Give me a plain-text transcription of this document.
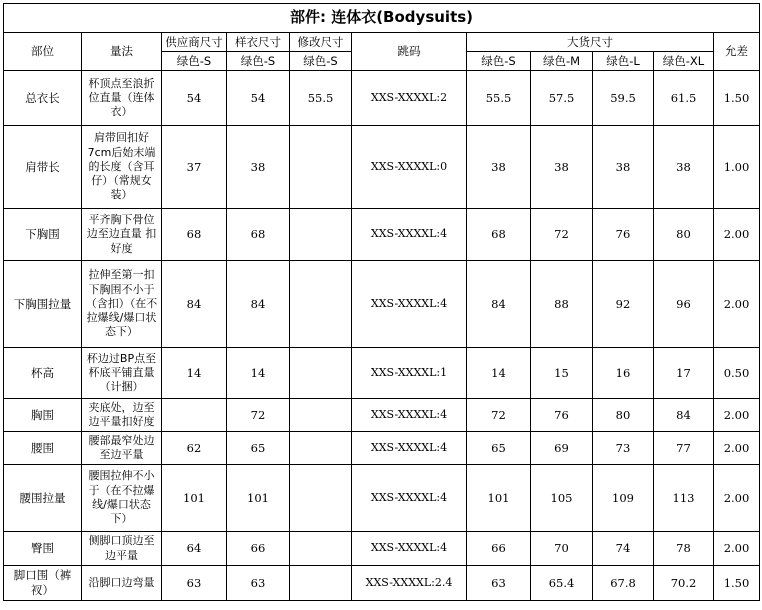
部件: 连体衣(Bodysuits)										
部位	量法	供应商尺寸	样衣尺寸	修改尺寸	跳码	大货尺寸				允差
		绿色-S	绿色-S	绿色-S		绿色-S	绿色-M	绿色-L	绿色-XL	
总衣长	杯顶点至浪折位直量（连体衣）	54	54	55.5	XXS-XXXXL:2	55.5	57.5	59.5	61.5	1.50
肩带长	肩带回扣好7cm后始末端的长度（含耳仔）（常规女装）	37	38		XXS-XXXXL:0	38	38	38	38	1.00
下胸围	平齐胸下骨位边至边直量 扣好度	68	68		XXS-XXXXL:4	68	72	76	80	2.00
下胸围拉量	拉伸至第一扣下胸围不小于（含扣）（在不拉爆线/爆口状态下）	84	84		XXS-XXXXL:4	84	88	92	96	2.00
杯高	杯边过BP点至杯底平铺直量（计捆）	14	14		XXS-XXXXL:1	14	15	16	17	0.50
胸围	夹底处，边至边平量扣好度		72		XXS-XXXXL:4	72	76	80	84	2.00
腰围	腰部最窄处边至边平量	62	65		XXS-XXXXL:4	65	69	73	77	2.00
腰围拉量	腰围拉伸不小于（在不拉爆线/爆口状态下）	101	101		XXS-XXXXL:4	101	105	109	113	2.00
臀围	侧脚口顶边至边平量	64	66		XXS-XXXXL:4	66	70	74	78	2.00
脚口围（裤衩）	沿脚口边弯量	63	63		XXS-XXXXL:2.4	63	65.4	67.8	70.2	1.50
